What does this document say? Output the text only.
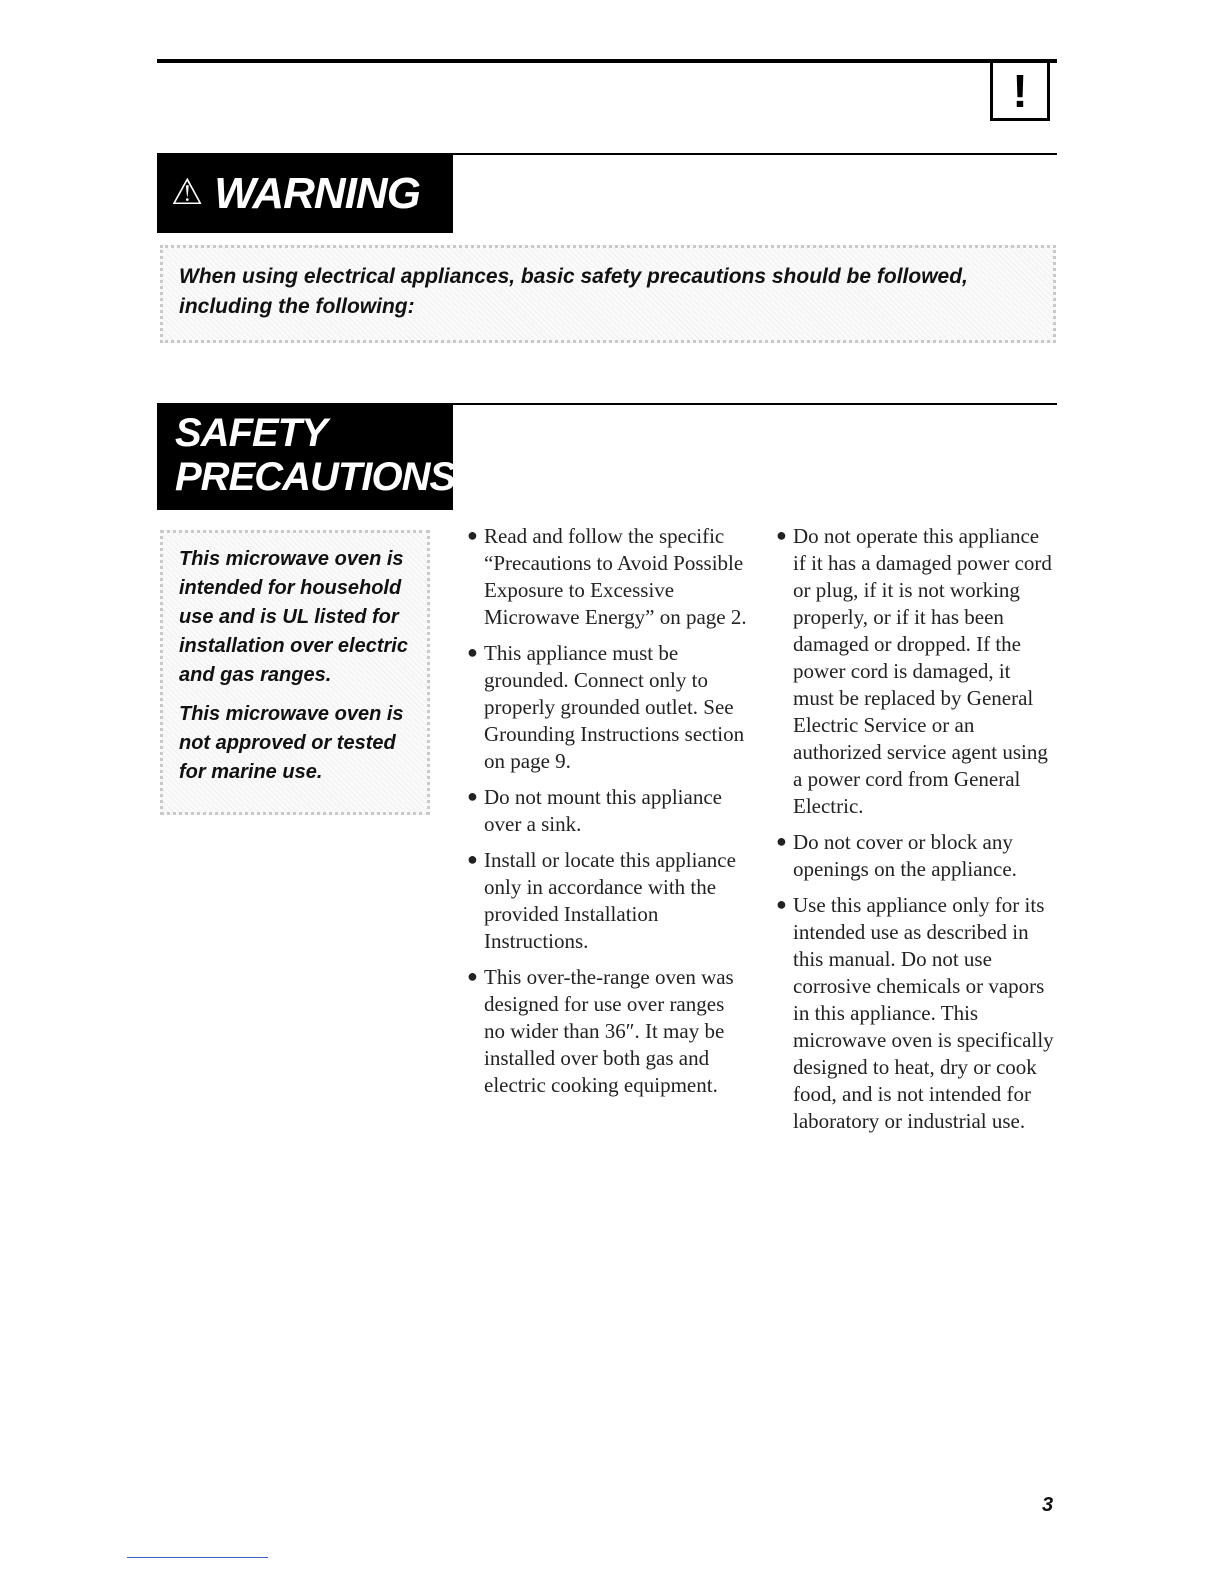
!
⚠ WARNING
When using electrical appliances, basic safety precautions should be followed, including the following:
SAFETY
PRECAUTIONS

This microwave oven is intended for household use and is UL listed for installation over electric and gas ranges.

This microwave oven is not approved or tested for marine use.

● Read and follow the specific “Precautions to Avoid Possible Exposure to Excessive Microwave Energy” on page 2.
● This appliance must be grounded. Connect only to properly grounded outlet. See Grounding Instructions section on page 9.
● Do not mount this appliance over a sink.
● Install or locate this appliance only in accordance with the provided Installation Instructions.
● This over-the-range oven was designed for use over ranges no wider than 36″. It may be installed over both gas and electric cooking equipment.
● Do not operate this appliance if it has a damaged power cord or plug, if it is not working properly, or if it has been damaged or dropped. If the power cord is damaged, it must be replaced by General Electric Service or an authorized service agent using a power cord from General Electric.
● Do not cover or block any openings on the appliance.
● Use this appliance only for its intended use as described in this manual. Do not use corrosive chemicals or vapors in this appliance. This microwave oven is specifically designed to heat, dry or cook food, and is not intended for laboratory or industrial use.
3
